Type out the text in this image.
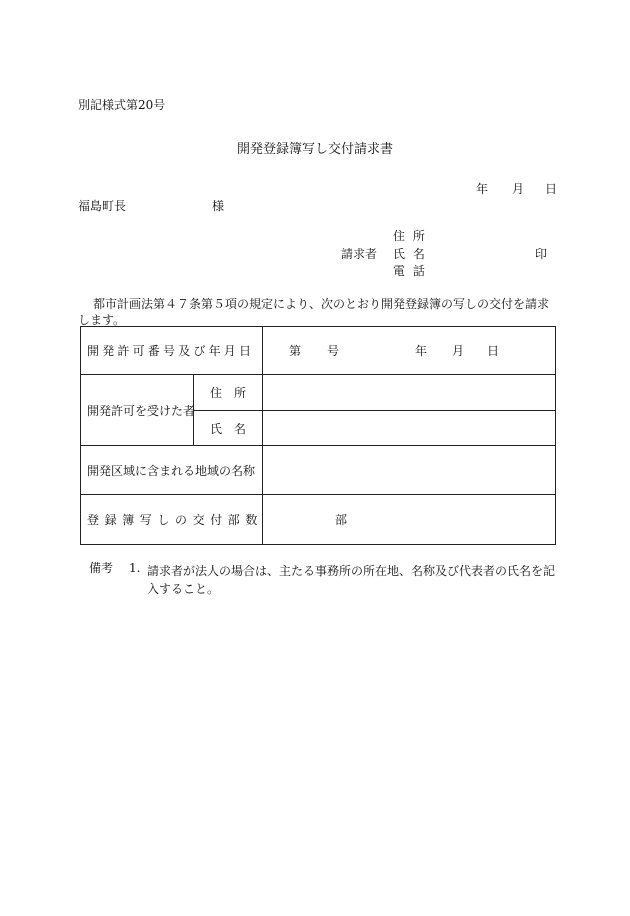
別記様式第20号
開発登録簿写し交付請求書
年 月 日
福島町長	様
住 所
請求者 氏 名	印
電 話
都市計画法第４７条第５項の規定により、次のとおり開発登録簿の写しの交付を請求します。
開発許可番号及び年月日		第 号 年 月 日

開発許可を受けた者	住　所	
	氏　名	
開発区域に含まれる地域の名称		
登録簿写しの交付部数		部
備考 1. 請求者が法人の場合は、主たる事務所の所在地、名称及び代表者の氏名を記入すること。
